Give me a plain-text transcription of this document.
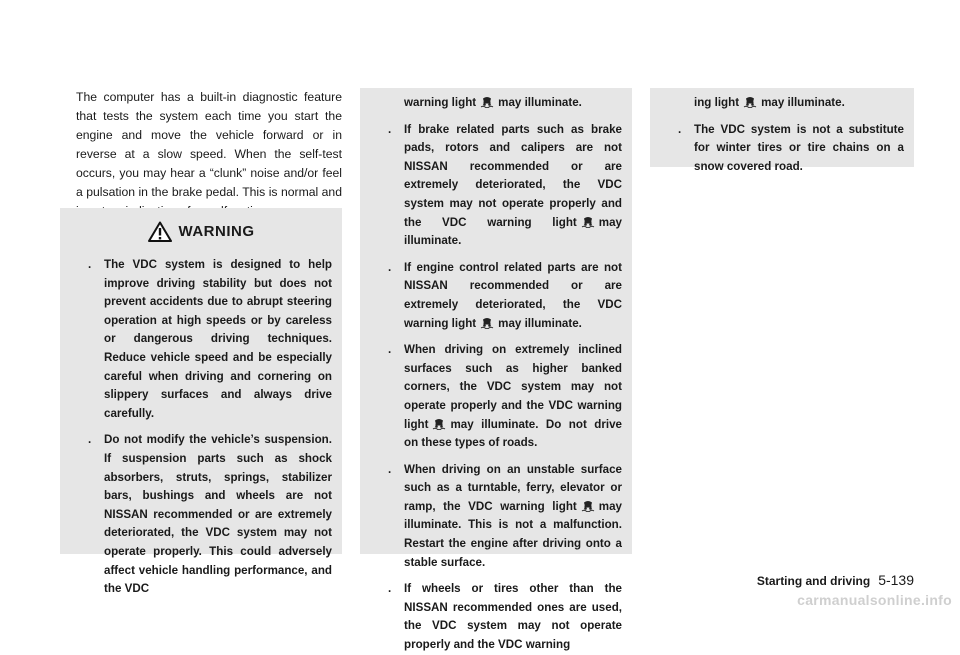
The computer has a built-in diagnostic feature that tests the system each time you start the engine and move the vehicle forward or in reverse at a slow speed. When the self-test occurs, you may hear a “clunk” noise and/or feel a pulsation in the brake pedal. This is normal and

WARNING
. The VDC system is designed to help improve driving stability but does not prevent accidents due to abrupt steering operation at high speeds or by careless or dangerous driving techniques. Reduce vehicle speed and be especially careful when driving and cornering on slippery surfaces and always drive carefully.
. Do not modify the vehicle’s suspension. If suspension parts such as shock absorbers, struts, springs, stabilizer bars, bushings and wheels are not NISSAN recommended or are extremely deteriorated, the VDC system may not operate properly. This could adversely affect vehicle handling performance, and the VDC
warning light may illuminate.
. If brake related parts such as brake pads, rotors and calipers are not NISSAN recommended or are extremely deteriorated, the VDC system may not operate properly and the VDC warning light may illuminate.
. If engine control related parts are not NISSAN recommended or are extremely deteriorated, the VDC warning light may illuminate.
. When driving on extremely inclined surfaces such as higher banked corners, the VDC system may not operate properly and the VDC warning light may illuminate. Do not drive on these types of roads.
. When driving on an unstable surface such as a turntable, ferry, elevator or ramp, the VDC warning light may illuminate. This is not a malfunction. Restart the engine after driving onto a stable surface.
. If wheels or tires other than the NISSAN recommended ones are used, the VDC system may not operate properly and the VDC warning
ing light may illuminate.
. The VDC system is not a substitute for winter tires or tire chains on a snow covered road.
Starting and driving 5-139
carmanualsonline.info
